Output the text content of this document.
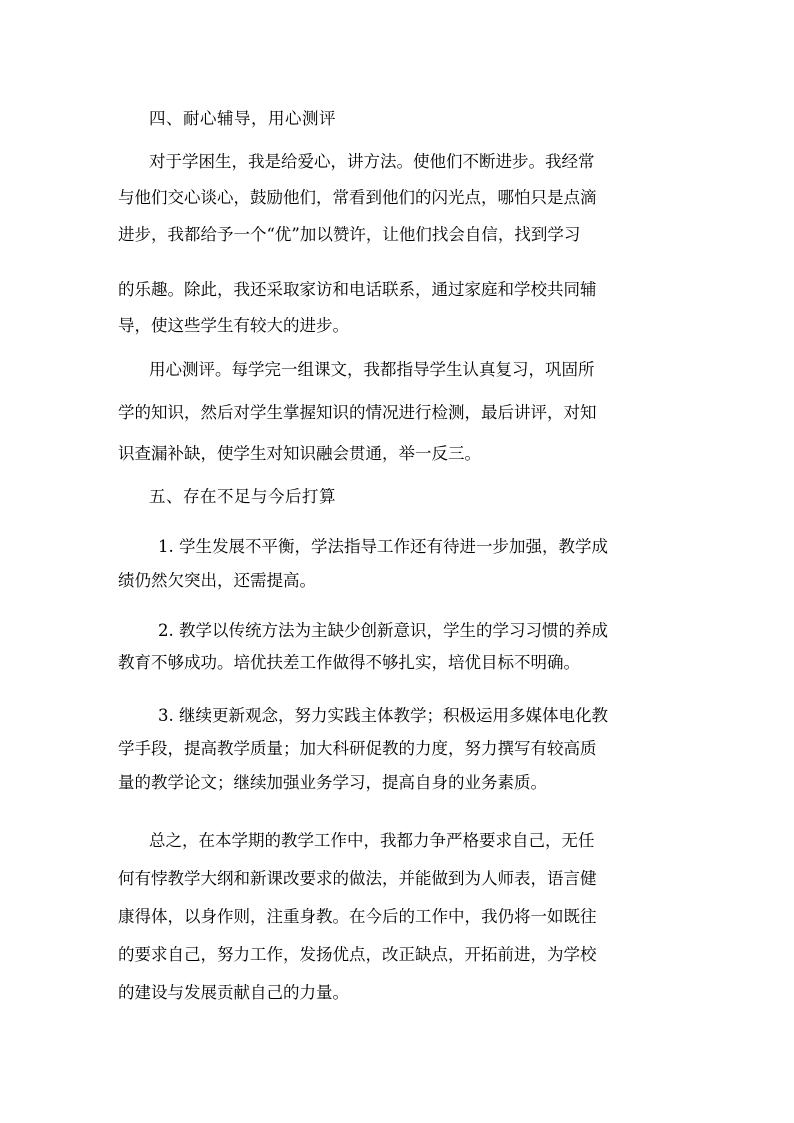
四、耐心辅导，用心测评
对于学困生，我是给爱心，讲方法。使他们不断进步。我经常
与他们交心谈心，鼓励他们，常看到他们的闪光点，哪怕只是点滴
进步，我都给予一个“优”加以赞许，让他们找会自信，找到学习
的乐趣。除此，我还采取家访和电话联系，通过家庭和学校共同辅
导，使这些学生有较大的进步。
用心测评。每学完一组课文，我都指导学生认真复习，巩固所
学的知识，然后对学生掌握知识的情况进行检测，最后讲评，对知
识查漏补缺，使学生对知识融会贯通，举一反三。
五、存在不足与今后打算
1. 学生发展不平衡，学法指导工作还有待进一步加强，教学成
绩仍然欠突出，还需提高。
2. 教学以传统方法为主缺少创新意识，学生的学习习惯的养成
教育不够成功。培优扶差工作做得不够扎实，培优目标不明确。
3. 继续更新观念，努力实践主体教学；积极运用多媒体电化教
学手段，提高教学质量；加大科研促教的力度，努力撰写有较高质
量的教学论文；继续加强业务学习，提高自身的业务素质。
总之，在本学期的教学工作中，我都力争严格要求自己，无任
何有悖教学大纲和新课改要求的做法，并能做到为人师表，语言健
康得体，以身作则，注重身教。在今后的工作中，我仍将一如既往
的要求自己，努力工作，发扬优点，改正缺点，开拓前进，为学校
的建设与发展贡献自己的力量。
